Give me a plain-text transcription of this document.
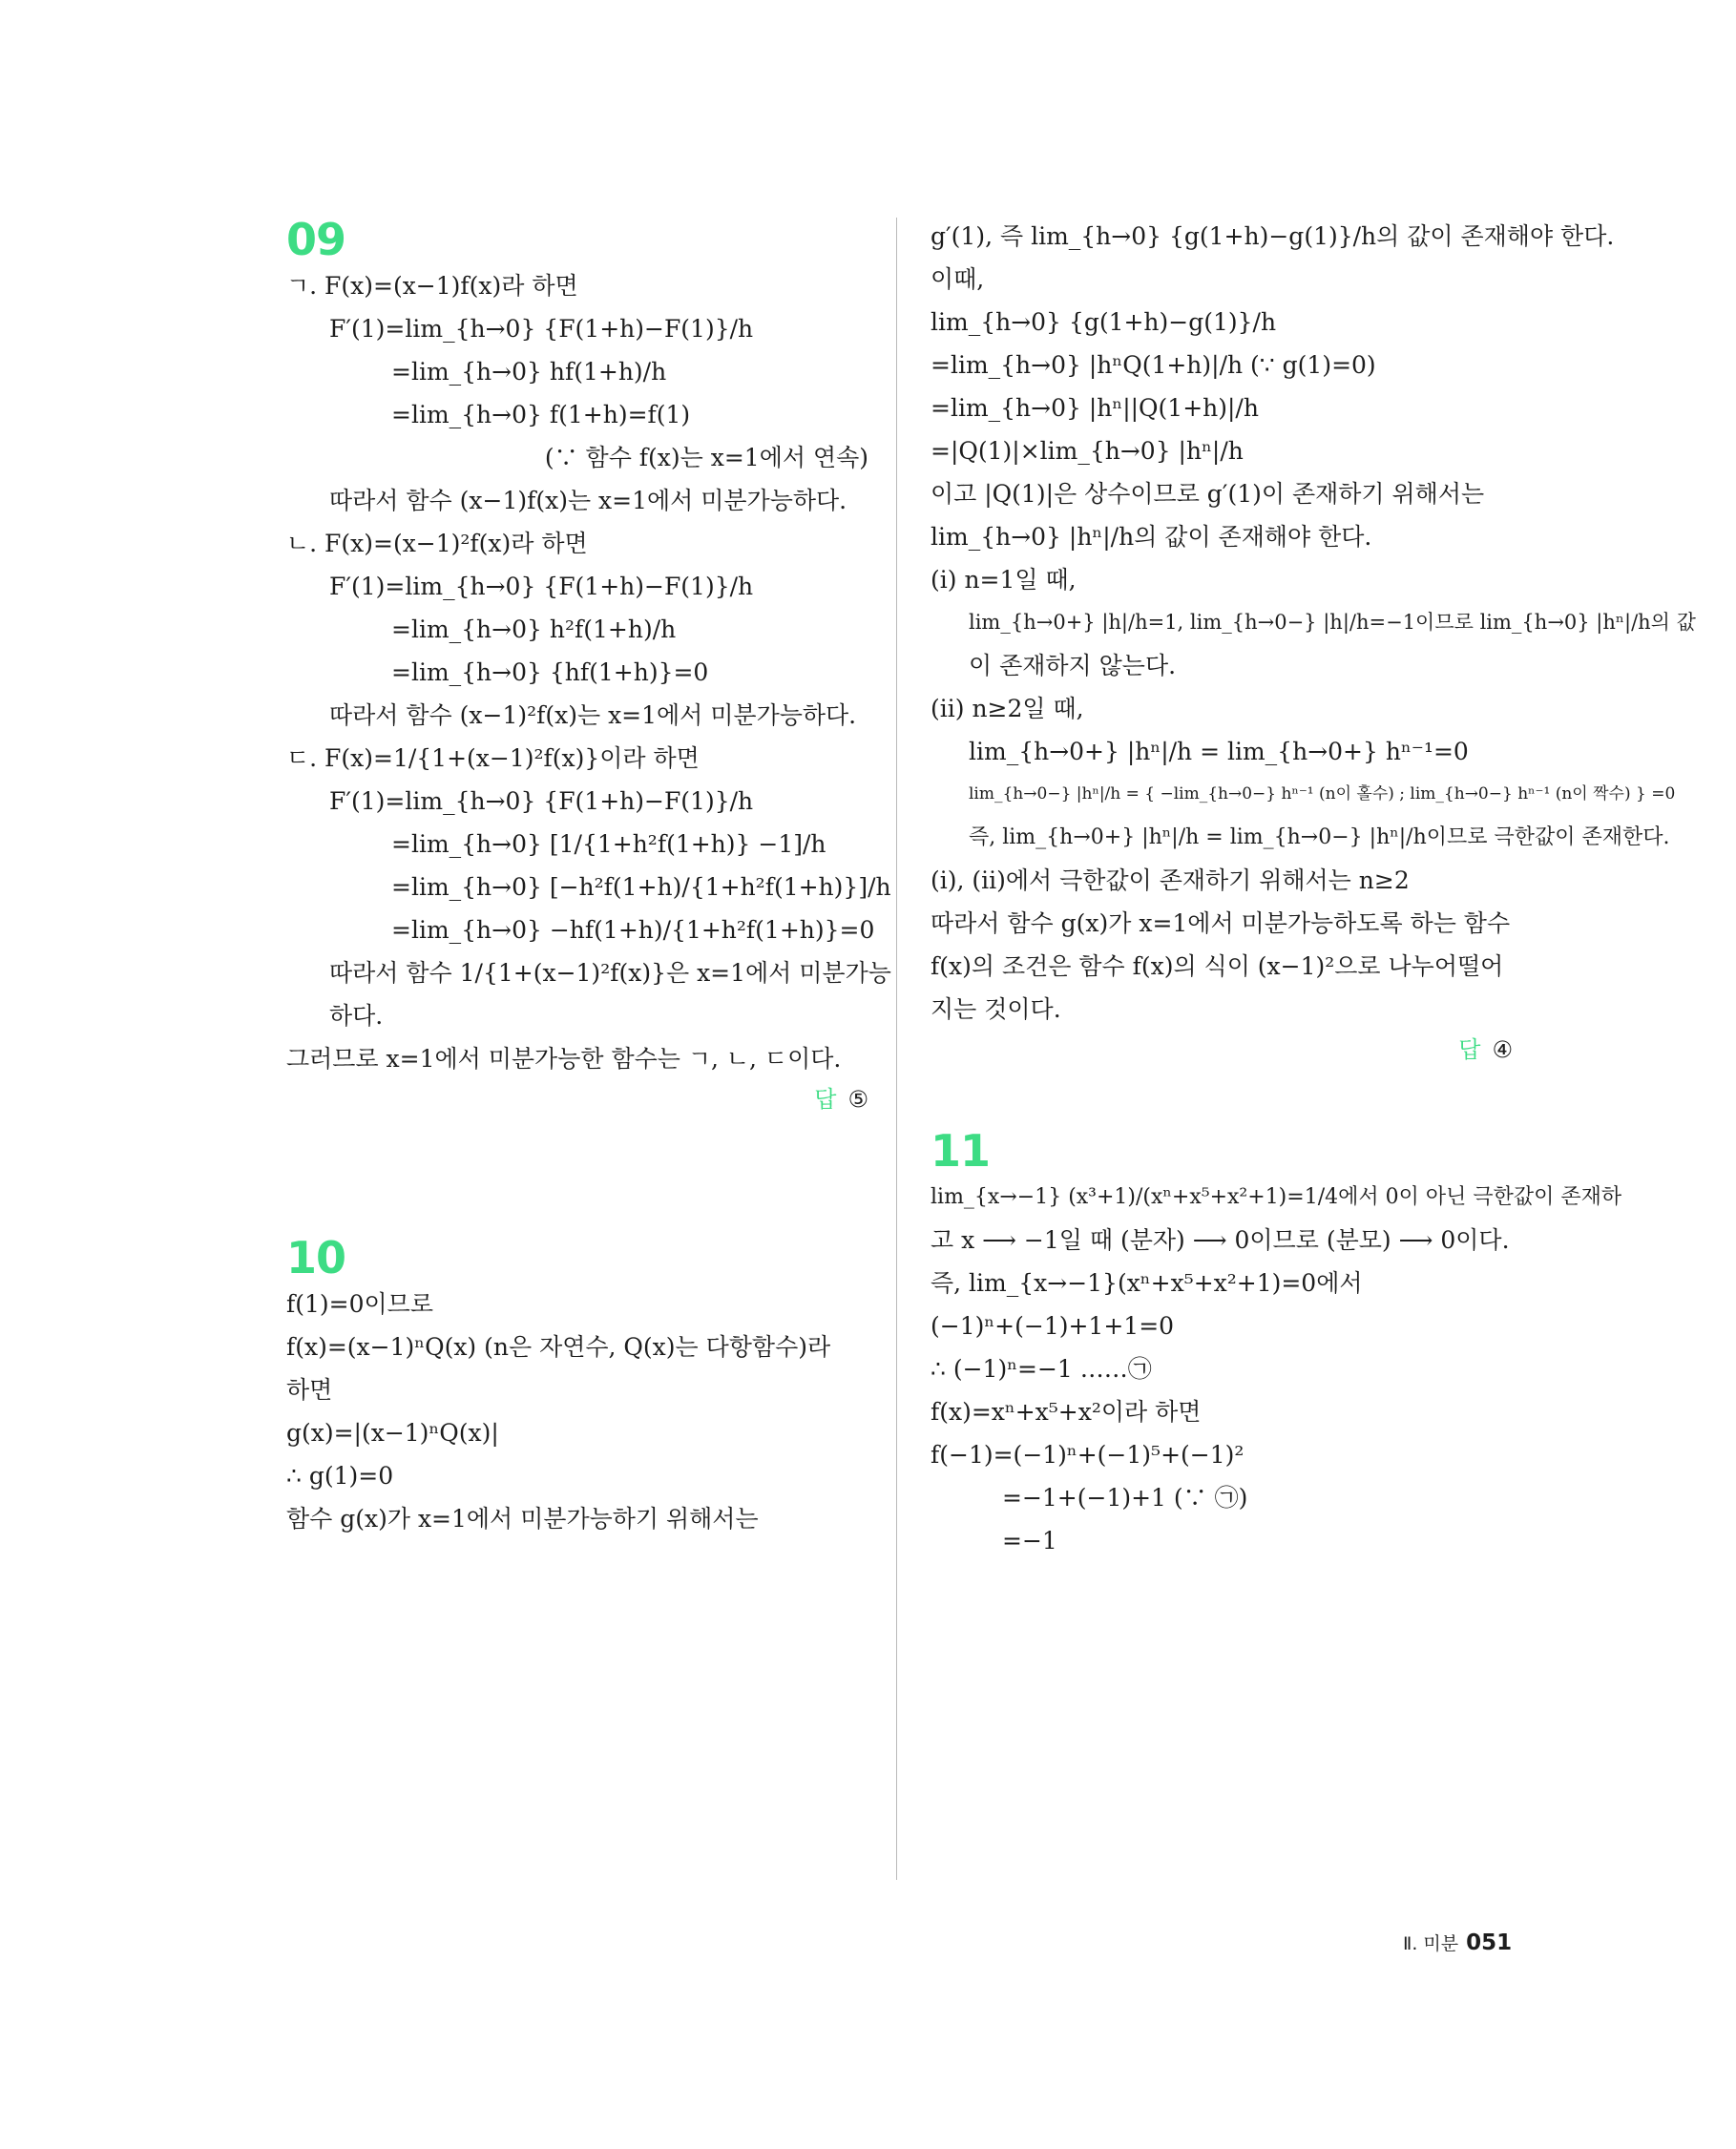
09
ㄱ. F(x)=(x−1)f(x)라 하면
F′(1)=lim_{h→0} {F(1+h)−F(1)}/h
=lim_{h→0} hf(1+h)/h
=lim_{h→0} f(1+h)=f(1)
(∵ 함수 f(x)는 x=1에서 연속)
따라서 함수 (x−1)f(x)는 x=1에서 미분가능하다.
ㄴ. F(x)=(x−1)²f(x)라 하면
F′(1)=lim_{h→0} {F(1+h)−F(1)}/h
=lim_{h→0} h²f(1+h)/h
=lim_{h→0} {hf(1+h)}=0
따라서 함수 (x−1)²f(x)는 x=1에서 미분가능하다.
ㄷ. F(x)=1/{1+(x−1)²f(x)}이라 하면
F′(1)=lim_{h→0} {F(1+h)−F(1)}/h
=lim_{h→0} [1/{1+h²f(1+h)} −1]/h
=lim_{h→0} [−h²f(1+h)/{1+h²f(1+h)}]/h
=lim_{h→0} −hf(1+h)/{1+h²f(1+h)}=0
따라서 함수 1/{1+(x−1)²f(x)}은 x=1에서 미분가능
하다.
그러므로 x=1에서 미분가능한 함수는 ㄱ, ㄴ, ㄷ이다.
답 ⑤
10
f(1)=0이므로
f(x)=(x−1)ⁿQ(x) (n은 자연수, Q(x)는 다항함수)라
하면
g(x)=|(x−1)ⁿQ(x)|
∴ g(1)=0
함수 g(x)가 x=1에서 미분가능하기 위해서는
g′(1), 즉 lim_{h→0} {g(1+h)−g(1)}/h의 값이 존재해야 한다.
이때,
lim_{h→0} {g(1+h)−g(1)}/h
=lim_{h→0} |hⁿQ(1+h)|/h (∵ g(1)=0)
=lim_{h→0} |hⁿ||Q(1+h)|/h
=|Q(1)|×lim_{h→0} |hⁿ|/h
이고 |Q(1)|은 상수이므로 g′(1)이 존재하기 위해서는
lim_{h→0} |hⁿ|/h의 값이 존재해야 한다.
(ⅰ) n=1일 때,
lim_{h→0+} |h|/h=1, lim_{h→0−} |h|/h=−1이므로 lim_{h→0} |hⁿ|/h의 값
이 존재하지 않는다.
(ⅱ) n≥2일 때,
lim_{h→0+} |hⁿ|/h = lim_{h→0+} hⁿ⁻¹=0
lim_{h→0−} |hⁿ|/h = { −lim_{h→0−} hⁿ⁻¹ (n이 홀수) ; lim_{h→0−} hⁿ⁻¹ (n이 짝수) } =0
즉, lim_{h→0+} |hⁿ|/h = lim_{h→0−} |hⁿ|/h이므로 극한값이 존재한다.
(ⅰ), (ⅱ)에서 극한값이 존재하기 위해서는 n≥2
따라서 함수 g(x)가 x=1에서 미분가능하도록 하는 함수
f(x)의 조건은 함수 f(x)의 식이 (x−1)²으로 나누어떨어
지는 것이다.
답 ④
11
lim_{x→−1} (x³+1)/(xⁿ+x⁵+x²+1)=1/4에서 0이 아닌 극한값이 존재하
고 x ⟶ −1일 때 (분자) ⟶ 0이므로 (분모) ⟶ 0이다.
즉, lim_{x→−1}(xⁿ+x⁵+x²+1)=0에서
(−1)ⁿ+(−1)+1+1=0
∴ (−1)ⁿ=−1 ……㉠
f(x)=xⁿ+x⁵+x²이라 하면
f(−1)=(−1)ⁿ+(−1)⁵+(−1)²
=−1+(−1)+1 (∵ ㉠)
=−1
Ⅱ. 미분 051
